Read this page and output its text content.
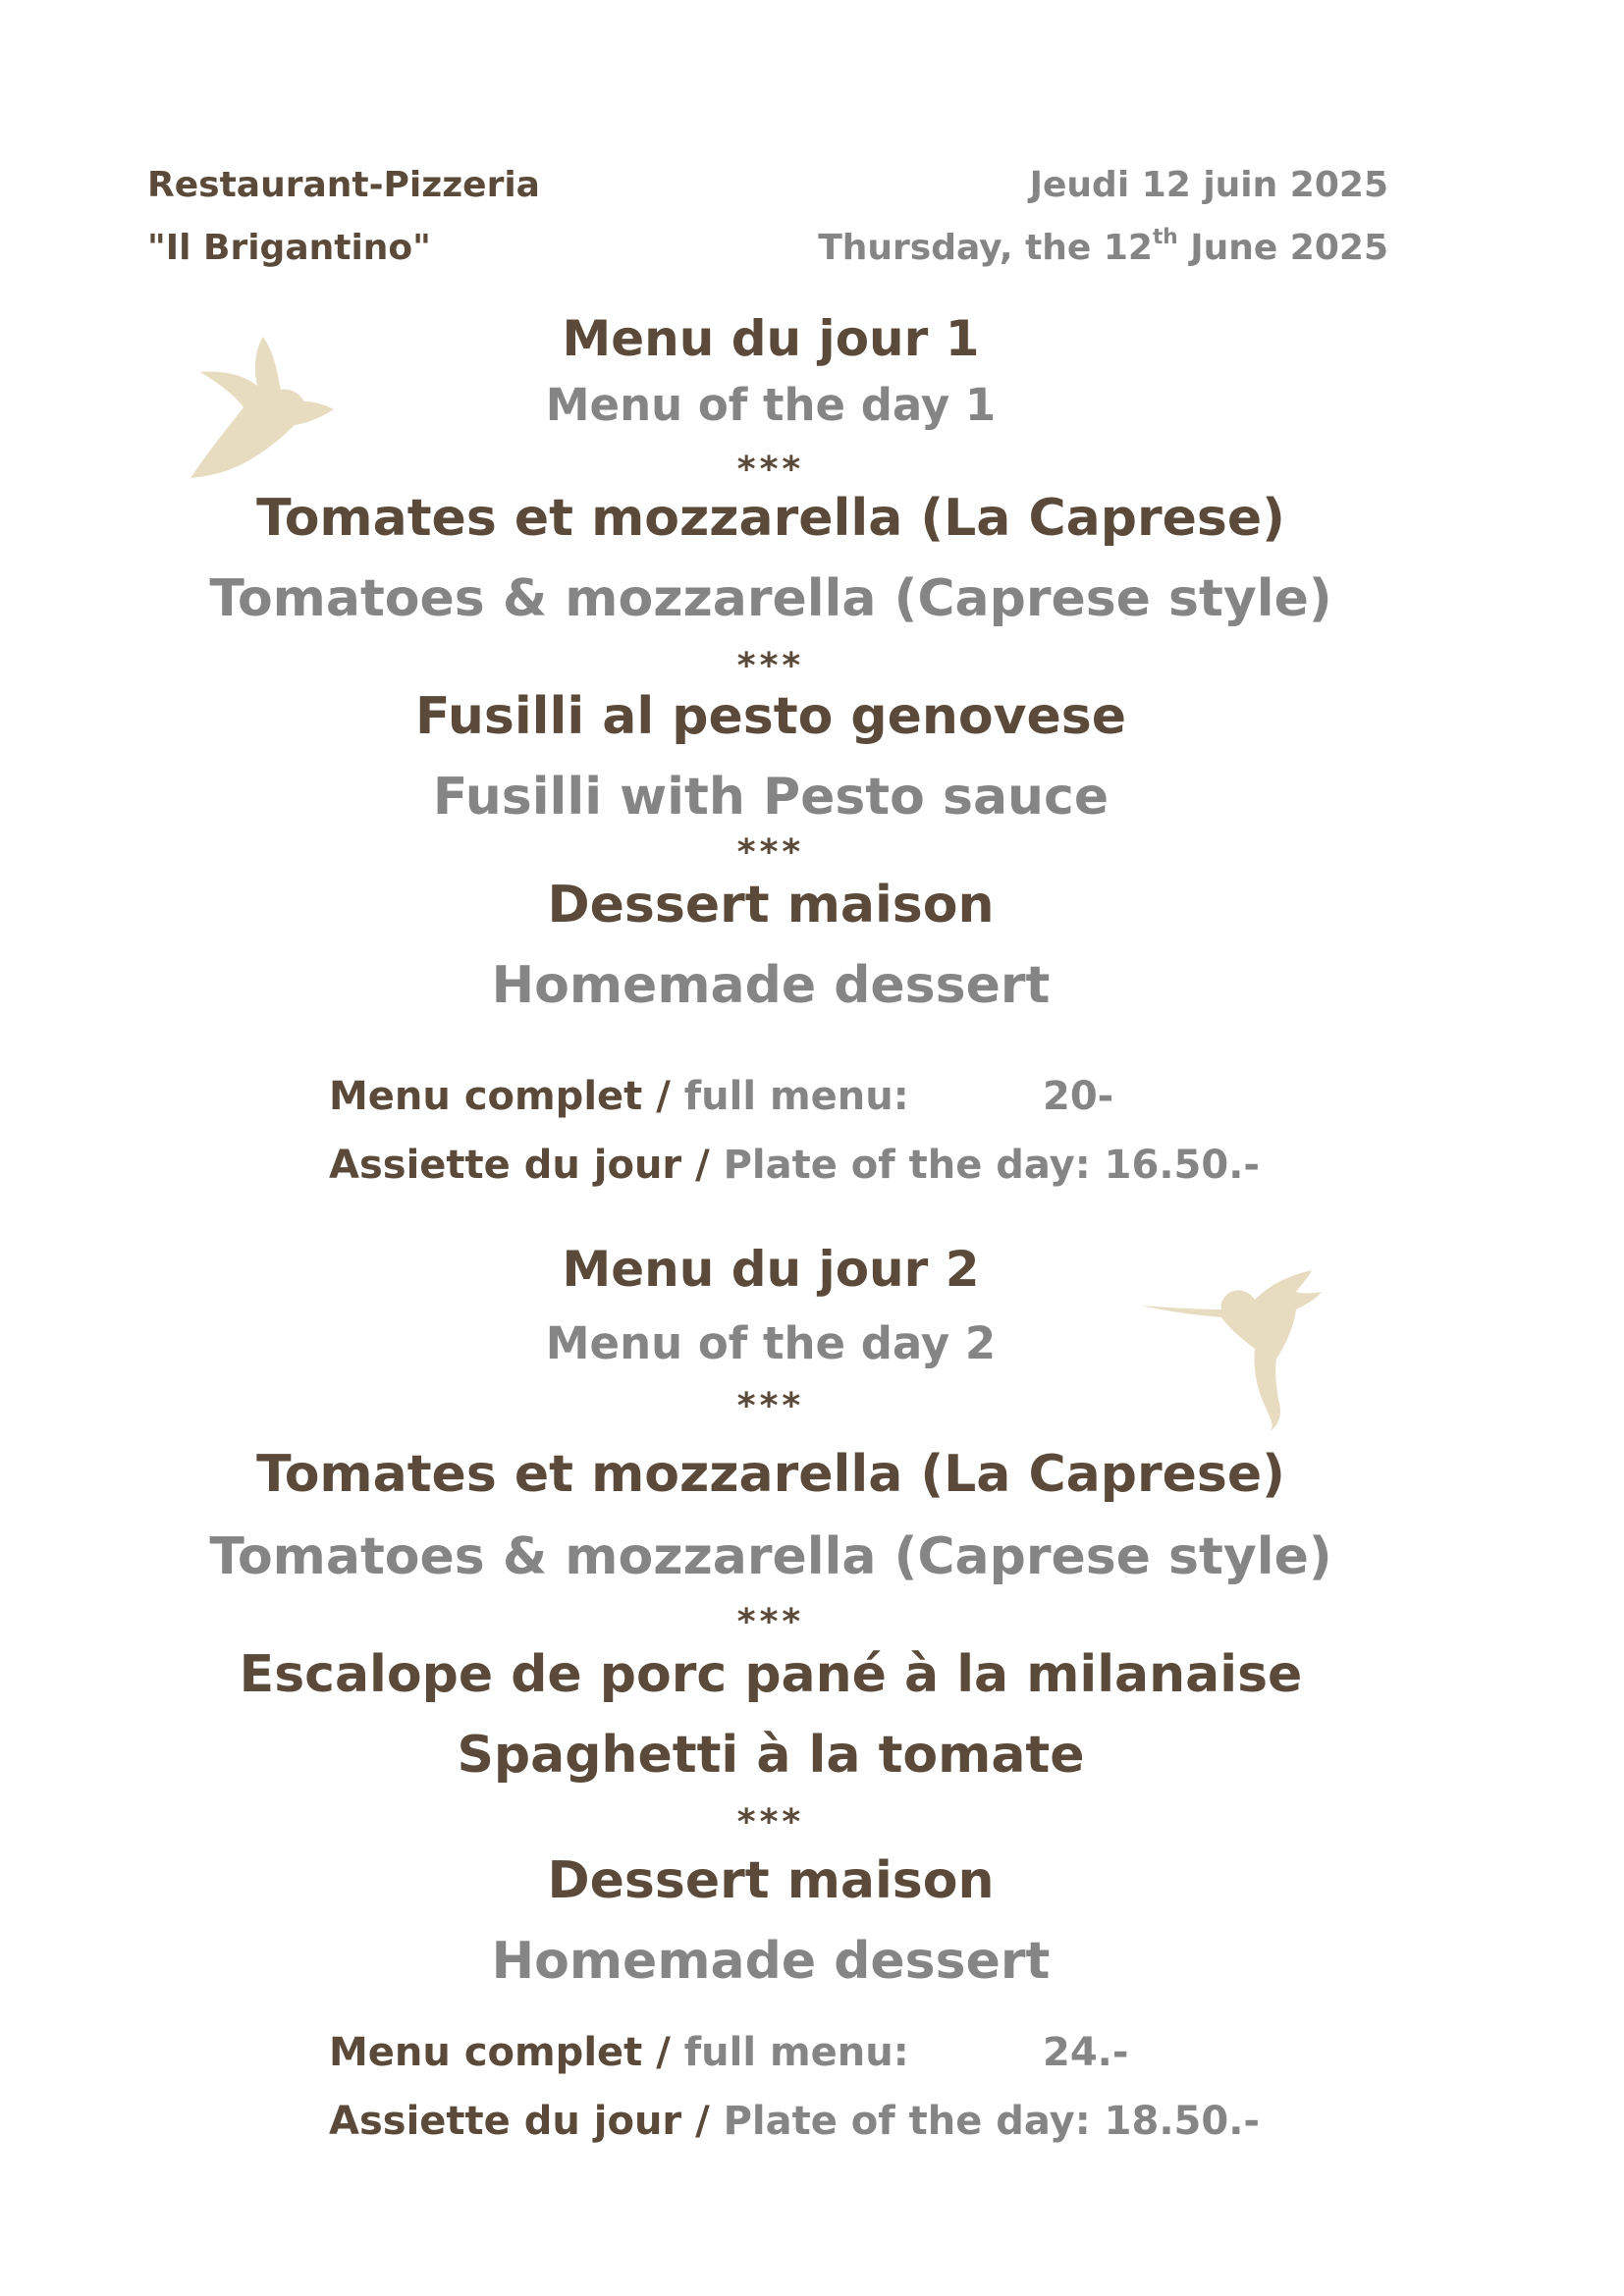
Restaurant-Pizzeria
"Il Brigantino"
Jeudi 12 juin 2025
Thursday, the 12th June 2025
Menu du jour 1
Menu of the day 1
***
Tomates et mozzarella (La Caprese)
Tomatoes & mozzarella (Caprese style)
***
Fusilli al pesto genovese
Fusilli with Pesto sauce
***
Dessert maison
Homemade dessert
Menu complet / full menu:	20-
Assiette du jour / Plate of the day: 16.50.-
Menu du jour 2
Menu of the day 2
***
Tomates et mozzarella (La Caprese)
Tomatoes & mozzarella (Caprese style)
***
Escalope de porc pané à la milanaise
Spaghetti à la tomate
***
Dessert maison
Homemade dessert
Menu complet / full menu:	24.-
Assiette du jour / Plate of the day: 18.50.-
